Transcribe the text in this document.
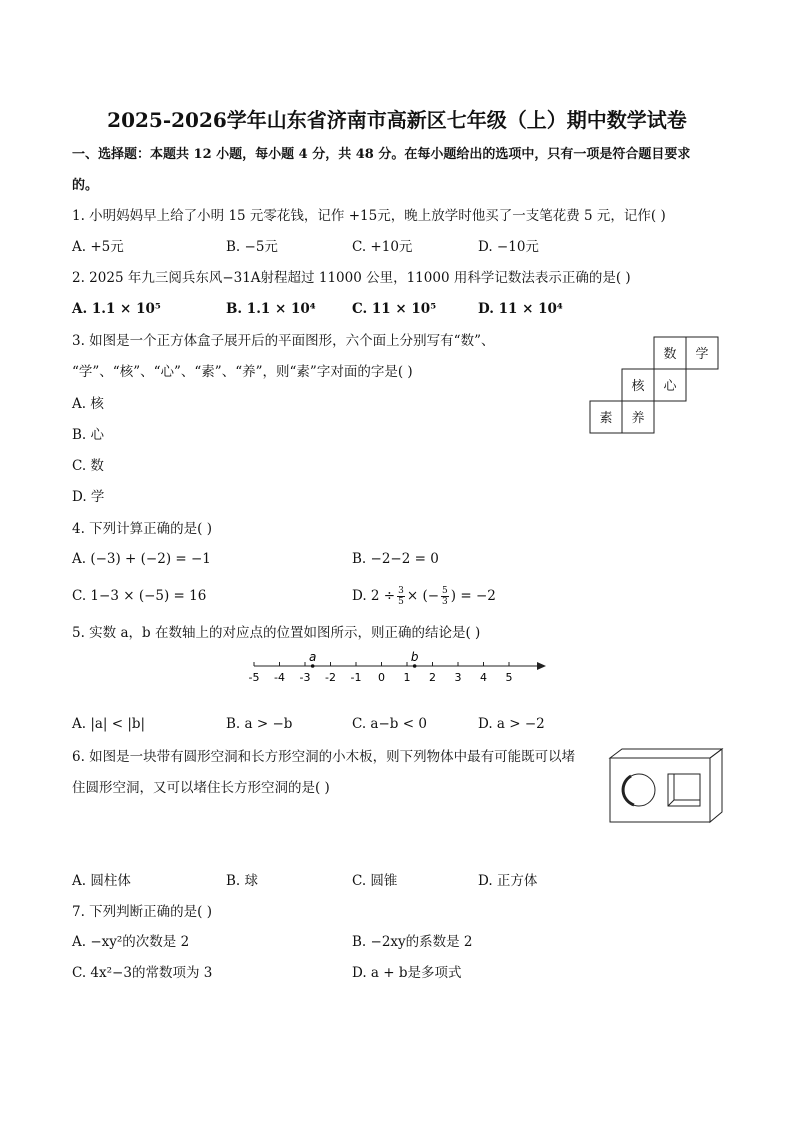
2025-2026学年山东省济南市高新区七年级（上）期中数学试卷
一、选择题：本题共 12 小题，每小题 4 分，共 48 分。在每小题给出的选项中，只有一项是符合题目要求
的。
1. 小明妈妈早上给了小明 15 元零花钱，记作 +15元，晚上放学时他买了一支笔花费 5 元，记作( )
A. +5元	B. −5元	C. +10元	D. −10元
2. 2025 年九三阅兵东风−31A射程超过 11000 公里，11000 用科学记数法表示正确的是( )
A. 1.1 × 10⁵	B. 1.1 × 10⁴	C. 11 × 10⁵	D. 11 × 10⁴
3. 如图是一个正方体盒子展开后的平面图形，六个面上分别写有“数”、
“学”、“核”、“心”、“素”、“养”，则“素”字对面的字是( )
A. 核
B. 心
C. 数
D. 学
数 学
核 心
素 养
4. 下列计算正确的是( )
A. (−3) + (−2) = −1	B. −2−2 = 0
C. 1−3 × (−5) = 16	D. $2 \div \frac{3}{5}$ × (− $\frac{5}{3}$ ) = −2
5. 实数 a，b 在数轴上的对应点的位置如图所示，则正确的结论是( )
-5 -4 -3 -2 -1 0 1 2 3 4 5
a	b
A. |a| < |b|	B. a > −b	C. a−b < 0	D. a > −2
6. 如图是一块带有圆形空洞和长方形空洞的小木板，则下列物体中最有可能既可以堵
住圆形空洞，又可以堵住长方形空洞的是( )
A. 圆柱体	B. 球	C. 圆锥	D. 正方体
7. 下列判断正确的是( )
A. −xy²的次数是 2	B. −2xy的系数是 2
C. 4x²−3的常数项为 3	D. a + b是多项式
